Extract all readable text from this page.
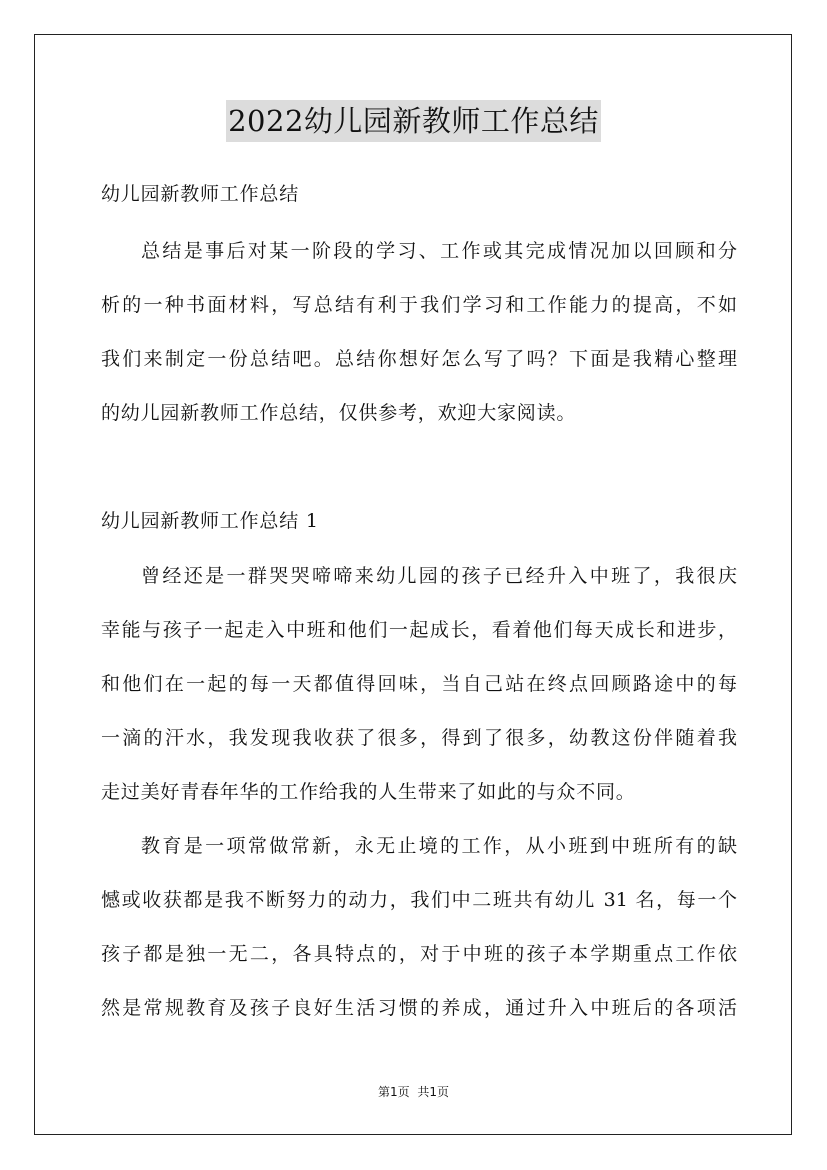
2022幼儿园新教师工作总结
幼儿园新教师工作总结
总结是事后对某一阶段的学习、工作或其完成情况加以回顾和分
析的一种书面材料，写总结有利于我们学习和工作能力的提高，不如
我们来制定一份总结吧。总结你想好怎么写了吗？下面是我精心整理
的幼儿园新教师工作总结，仅供参考，欢迎大家阅读。
幼儿园新教师工作总结 1
曾经还是一群哭哭啼啼来幼儿园的孩子已经升入中班了，我很庆
幸能与孩子一起走入中班和他们一起成长，看着他们每天成长和进步，
和他们在一起的每一天都值得回味，当自己站在终点回顾路途中的每
一滴的汗水，我发现我收获了很多，得到了很多，幼教这份伴随着我
走过美好青春年华的工作给我的人生带来了如此的与众不同。
教育是一项常做常新，永无止境的工作，从小班到中班所有的缺
憾或收获都是我不断努力的动力，我们中二班共有幼儿 31 名，每一个
孩子都是独一无二，各具特点的，对于中班的孩子本学期重点工作依
然是常规教育及孩子良好生活习惯的养成，通过升入中班后的各项活
第1页 共1页
